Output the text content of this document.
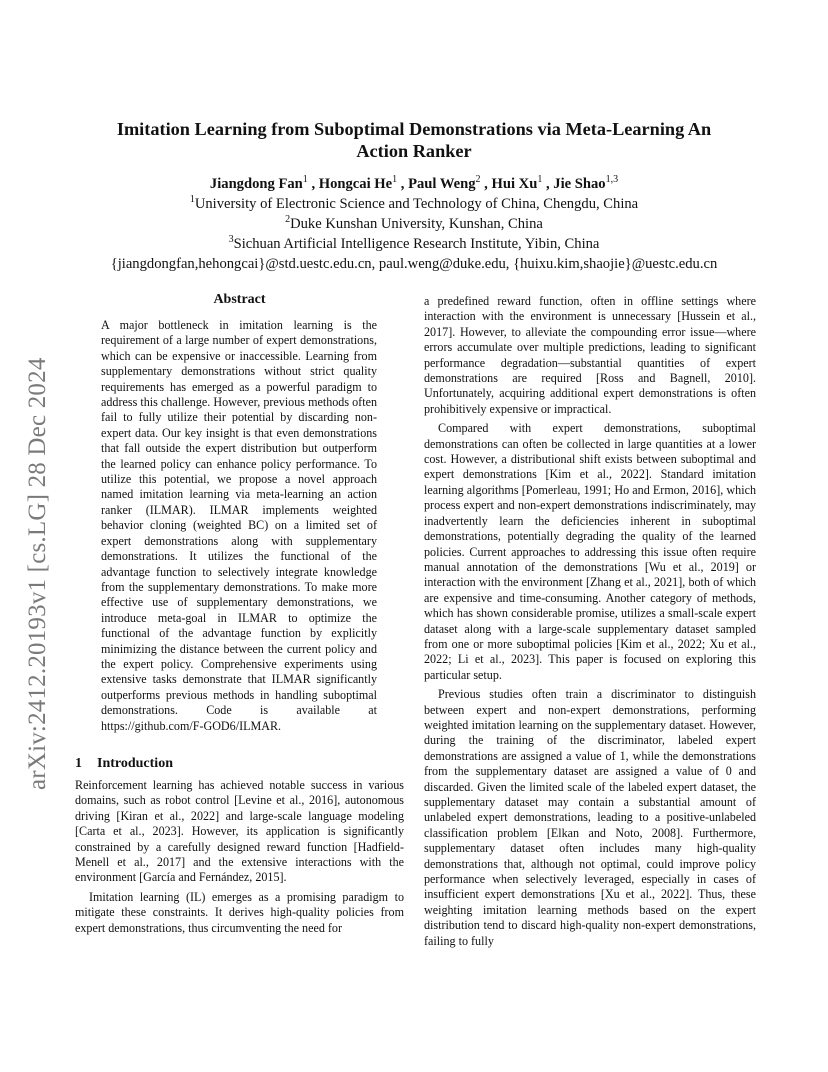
arXiv:2412.20193v1 [cs.LG] 28 Dec 2024
Imitation Learning from Suboptimal Demonstrations via Meta-Learning An
Action Ranker
Jiangdong Fan$^1$ , Hongcai He$^1$ , Paul Weng$^2$ , Hui Xu$^1$ , Jie Shao$^{1,3}$
$^1$University of Electronic Science and Technology of China, Chengdu, China
$^2$Duke Kunshan University, Kunshan, China
$^3$Sichuan Artificial Intelligence Research Institute, Yibin, China
{jiangdongfan,hehongcai}@std.uestc.edu.cn, paul.weng@duke.edu, {huixu.kim,shaojie}@uestc.edu.cn
Abstract

A major bottleneck in imitation learning is the requirement of a large number of expert demonstrations, which can be expensive or inaccessible. Learning from supplementary demonstrations without strict quality requirements has emerged as a powerful paradigm to address this challenge. However, previous methods often fail to fully utilize their potential by discarding non-expert data. Our key insight is that even demonstrations that fall outside the expert distribution but outperform the learned policy can enhance policy performance. To utilize this potential, we propose a novel approach named imitation learning via meta-learning an action ranker (ILMAR). ILMAR implements weighted behavior cloning (weighted BC) on a limited set of expert demonstrations along with supplementary demonstrations. It utilizes the functional of the advantage function to selectively integrate knowledge from the supplementary demonstrations. To make more effective use of supplementary demonstrations, we introduce meta-goal in ILMAR to optimize the functional of the advantage function by explicitly minimizing the distance between the current policy and the expert policy. Comprehensive experiments using extensive tasks demonstrate that ILMAR significantly outperforms previous methods in handling suboptimal demonstrations. Code is available at https://github.com/F-GOD6/ILMAR.

1 Introduction

Reinforcement learning has achieved notable success in various domains, such as robot control [Levine et al., 2016], autonomous driving [Kiran et al., 2022] and large-scale language modeling [Carta et al., 2023]. However, its application is significantly constrained by a carefully designed reward function [Hadfield-Menell et al., 2017] and the extensive interactions with the environment [García and Fernández, 2015].

Imitation learning (IL) emerges as a promising paradigm to mitigate these constraints. It derives high-quality policies from expert demonstrations, thus circumventing the need for

a predefined reward function, often in offline settings where interaction with the environment is unnecessary [Hussein et al., 2017]. However, to alleviate the compounding error issue—where errors accumulate over multiple predictions, leading to significant performance degradation—substantial quantities of expert demonstrations are required [Ross and Bagnell, 2010]. Unfortunately, acquiring additional expert demonstrations is often prohibitively expensive or impractical.

Compared with expert demonstrations, suboptimal demonstrations can often be collected in large quantities at a lower cost. However, a distributional shift exists between suboptimal and expert demonstrations [Kim et al., 2022]. Standard imitation learning algorithms [Pomerleau, 1991; Ho and Ermon, 2016], which process expert and non-expert demonstrations indiscriminately, may inadvertently learn the deficiencies inherent in suboptimal demonstrations, potentially degrading the quality of the learned policies. Current approaches to addressing this issue often require manual annotation of the demonstrations [Wu et al., 2019] or interaction with the environment [Zhang et al., 2021], both of which are expensive and time-consuming. Another category of methods, which has shown considerable promise, utilizes a small-scale expert dataset along with a large-scale supplementary dataset sampled from one or more suboptimal policies [Kim et al., 2022; Xu et al., 2022; Li et al., 2023]. This paper is focused on exploring this particular setup.

Previous studies often train a discriminator to distinguish between expert and non-expert demonstrations, performing weighted imitation learning on the supplementary dataset. However, during the training of the discriminator, labeled expert demonstrations are assigned a value of 1, while the demonstrations from the supplementary dataset are assigned a value of 0 and discarded. Given the limited scale of the labeled expert dataset, the supplementary dataset may contain a substantial amount of unlabeled expert demonstrations, leading to a positive-unlabeled classification problem [Elkan and Noto, 2008]. Furthermore, supplementary dataset often includes many high-quality demonstrations that, although not optimal, could improve policy performance when selectively leveraged, especially in cases of insufficient expert demonstrations [Xu et al., 2022]. Thus, these weighting imitation learning methods based on the expert distribution tend to discard high-quality non-expert demonstrations, failing to fully
